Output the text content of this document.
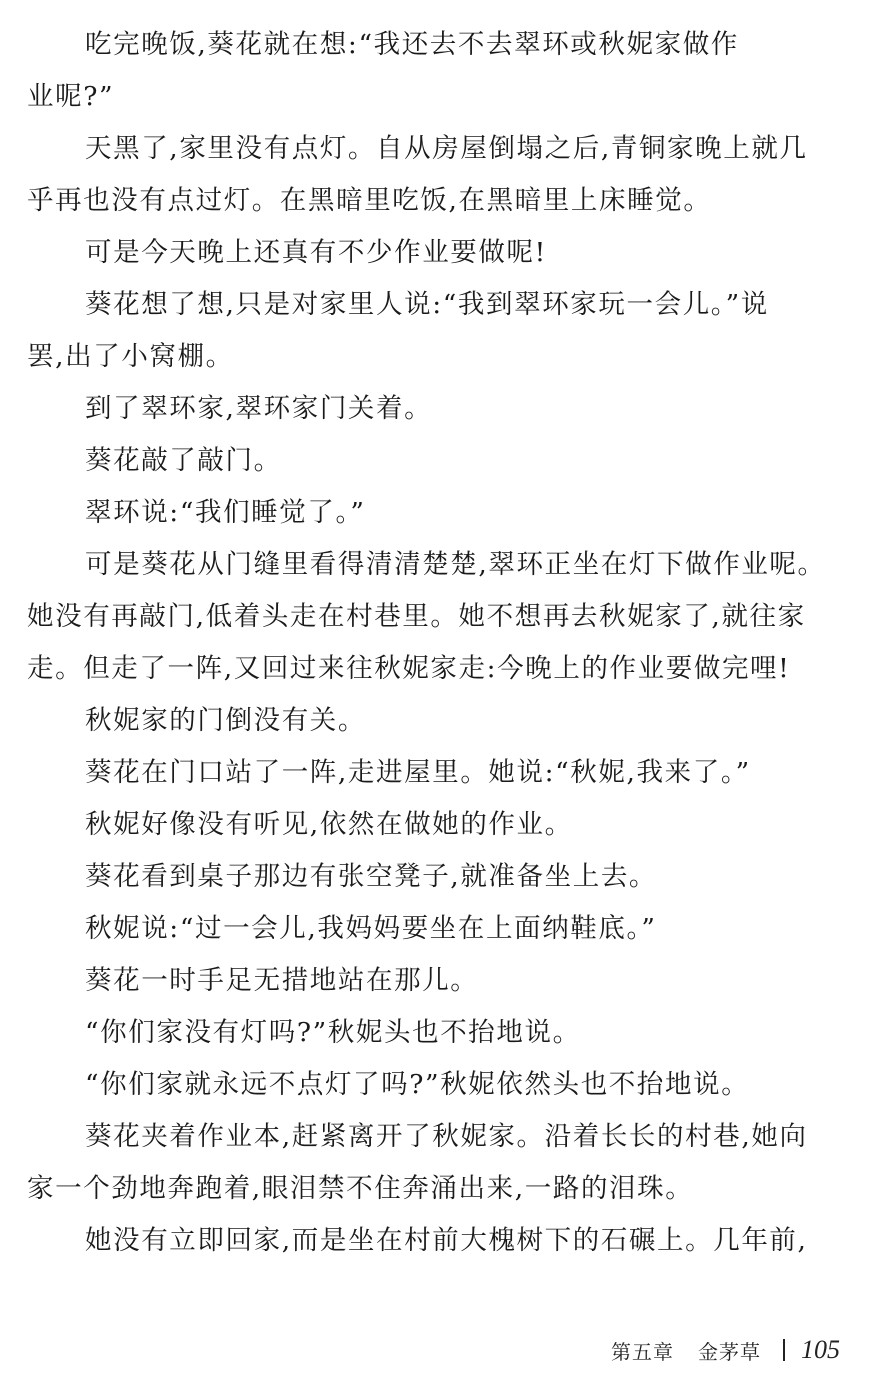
吃完晚饭,葵花就在想:“我还去不去翠环或秋妮家做作
业呢?”
天黑了,家里没有点灯。自从房屋倒塌之后,青铜家晚上就几
乎再也没有点过灯。在黑暗里吃饭,在黑暗里上床睡觉。
可是今天晚上还真有不少作业要做呢!
葵花想了想,只是对家里人说:“我到翠环家玩一会儿。”说
罢,出了小窝棚。
到了翠环家,翠环家门关着。
葵花敲了敲门。
翠环说:“我们睡觉了。”
可是葵花从门缝里看得清清楚楚,翠环正坐在灯下做作业呢。
她没有再敲门,低着头走在村巷里。她不想再去秋妮家了,就往家
走。但走了一阵,又回过来往秋妮家走:今晚上的作业要做完哩!
秋妮家的门倒没有关。
葵花在门口站了一阵,走进屋里。她说:“秋妮,我来了。”
秋妮好像没有听见,依然在做她的作业。
葵花看到桌子那边有张空凳子,就准备坐上去。
秋妮说:“过一会儿,我妈妈要坐在上面纳鞋底。”
葵花一时手足无措地站在那儿。
“你们家没有灯吗?”秋妮头也不抬地说。
“你们家就永远不点灯了吗?”秋妮依然头也不抬地说。
葵花夹着作业本,赶紧离开了秋妮家。沿着长长的村巷,她向
家一个劲地奔跑着,眼泪禁不住奔涌出来,一路的泪珠。
她没有立即回家,而是坐在村前大槐树下的石碾上。几年前,
第五章 金茅草 105
